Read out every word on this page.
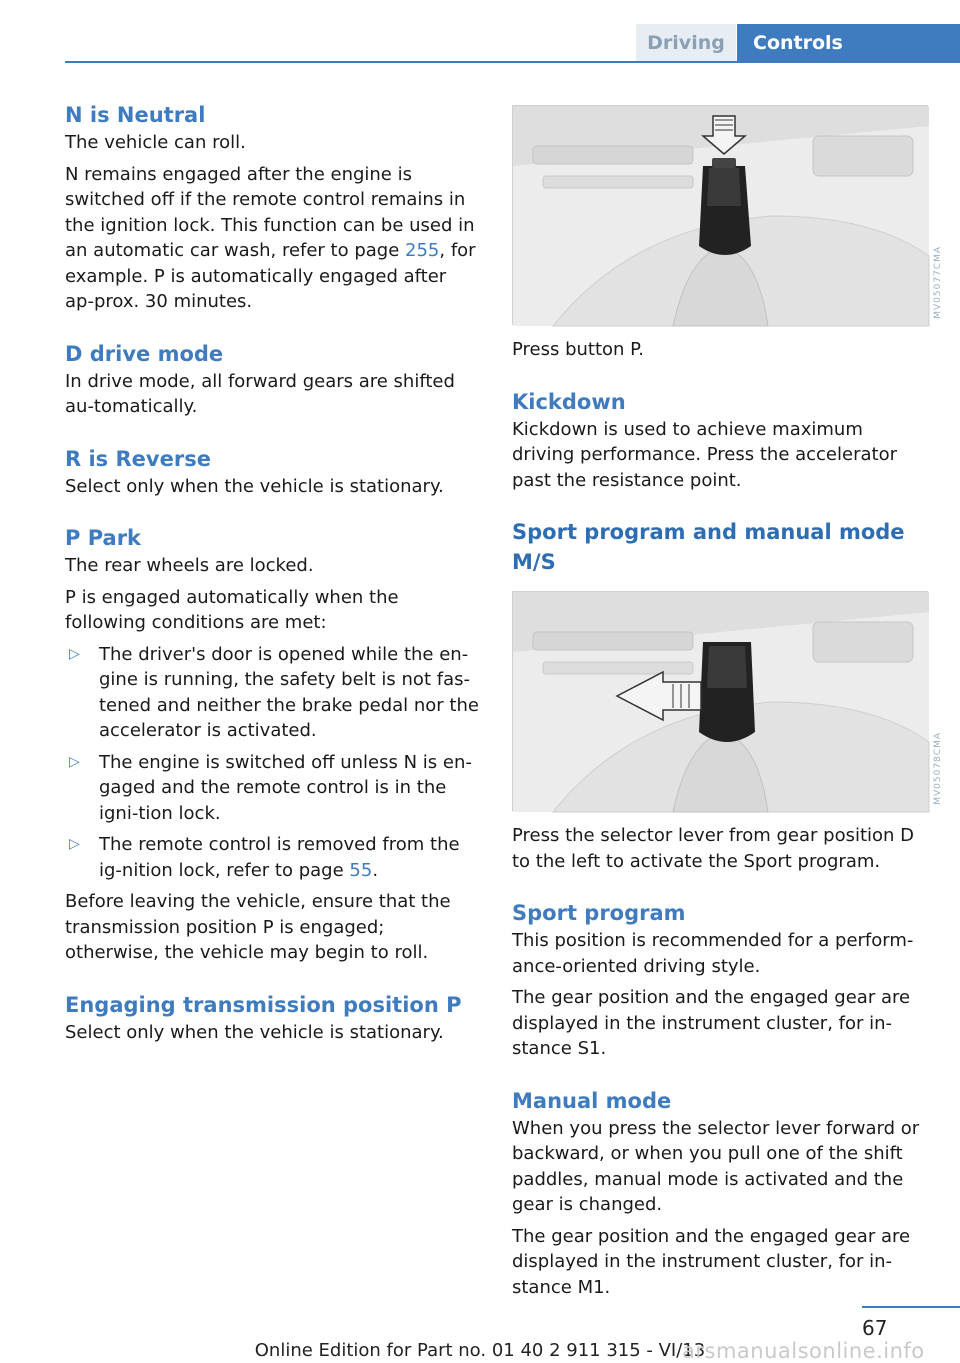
Driving	Controls
N is Neutral

The vehicle can roll.

N remains engaged after the engine is switched off if the remote control remains in the ignition lock. This function can be used in an automatic car wash, refer to page 255, for example. P is automatically engaged after ap‐prox. 30 minutes.

D drive mode

In drive mode, all forward gears are shifted au‐tomatically.

R is Reverse

Select only when the vehicle is stationary.

P Park

The rear wheels are locked.

P is engaged automatically when the following conditions are met:

▷ The driver's door is opened while the en‐gine is running, the safety belt is not fas‐tened and neither the brake pedal nor the accelerator is activated.
▷ The engine is switched off unless N is en‐gaged and the remote control is in the igni‐tion lock.
▷ The remote control is removed from the ig‐nition lock, refer to page 55.

Before leaving the vehicle, ensure that the transmission position P is engaged; otherwise, the vehicle may begin to roll.

Engaging transmission position P

Select only when the vehicle is stationary.

MV05077CMA

Press button P.

Kickdown

Kickdown is used to achieve maximum driving performance. Press the accelerator past the resistance point.

Sport program and manual mode M/S
MV05078CMA

Press the selector lever from gear position D to the left to activate the Sport program.

Sport program

This position is recommended for a perform‐ance-oriented driving style.

The gear position and the engaged gear are displayed in the instrument cluster, for in‐stance S1.

Manual mode

When you press the selector lever forward or backward, or when you pull one of the shift paddles, manual mode is activated and the gear is changed.

The gear position and the engaged gear are displayed in the instrument cluster, for in‐stance M1.

67
Online Edition for Part no. 01 40 2 911 315 - VI/13
arsmanualsonline.info
